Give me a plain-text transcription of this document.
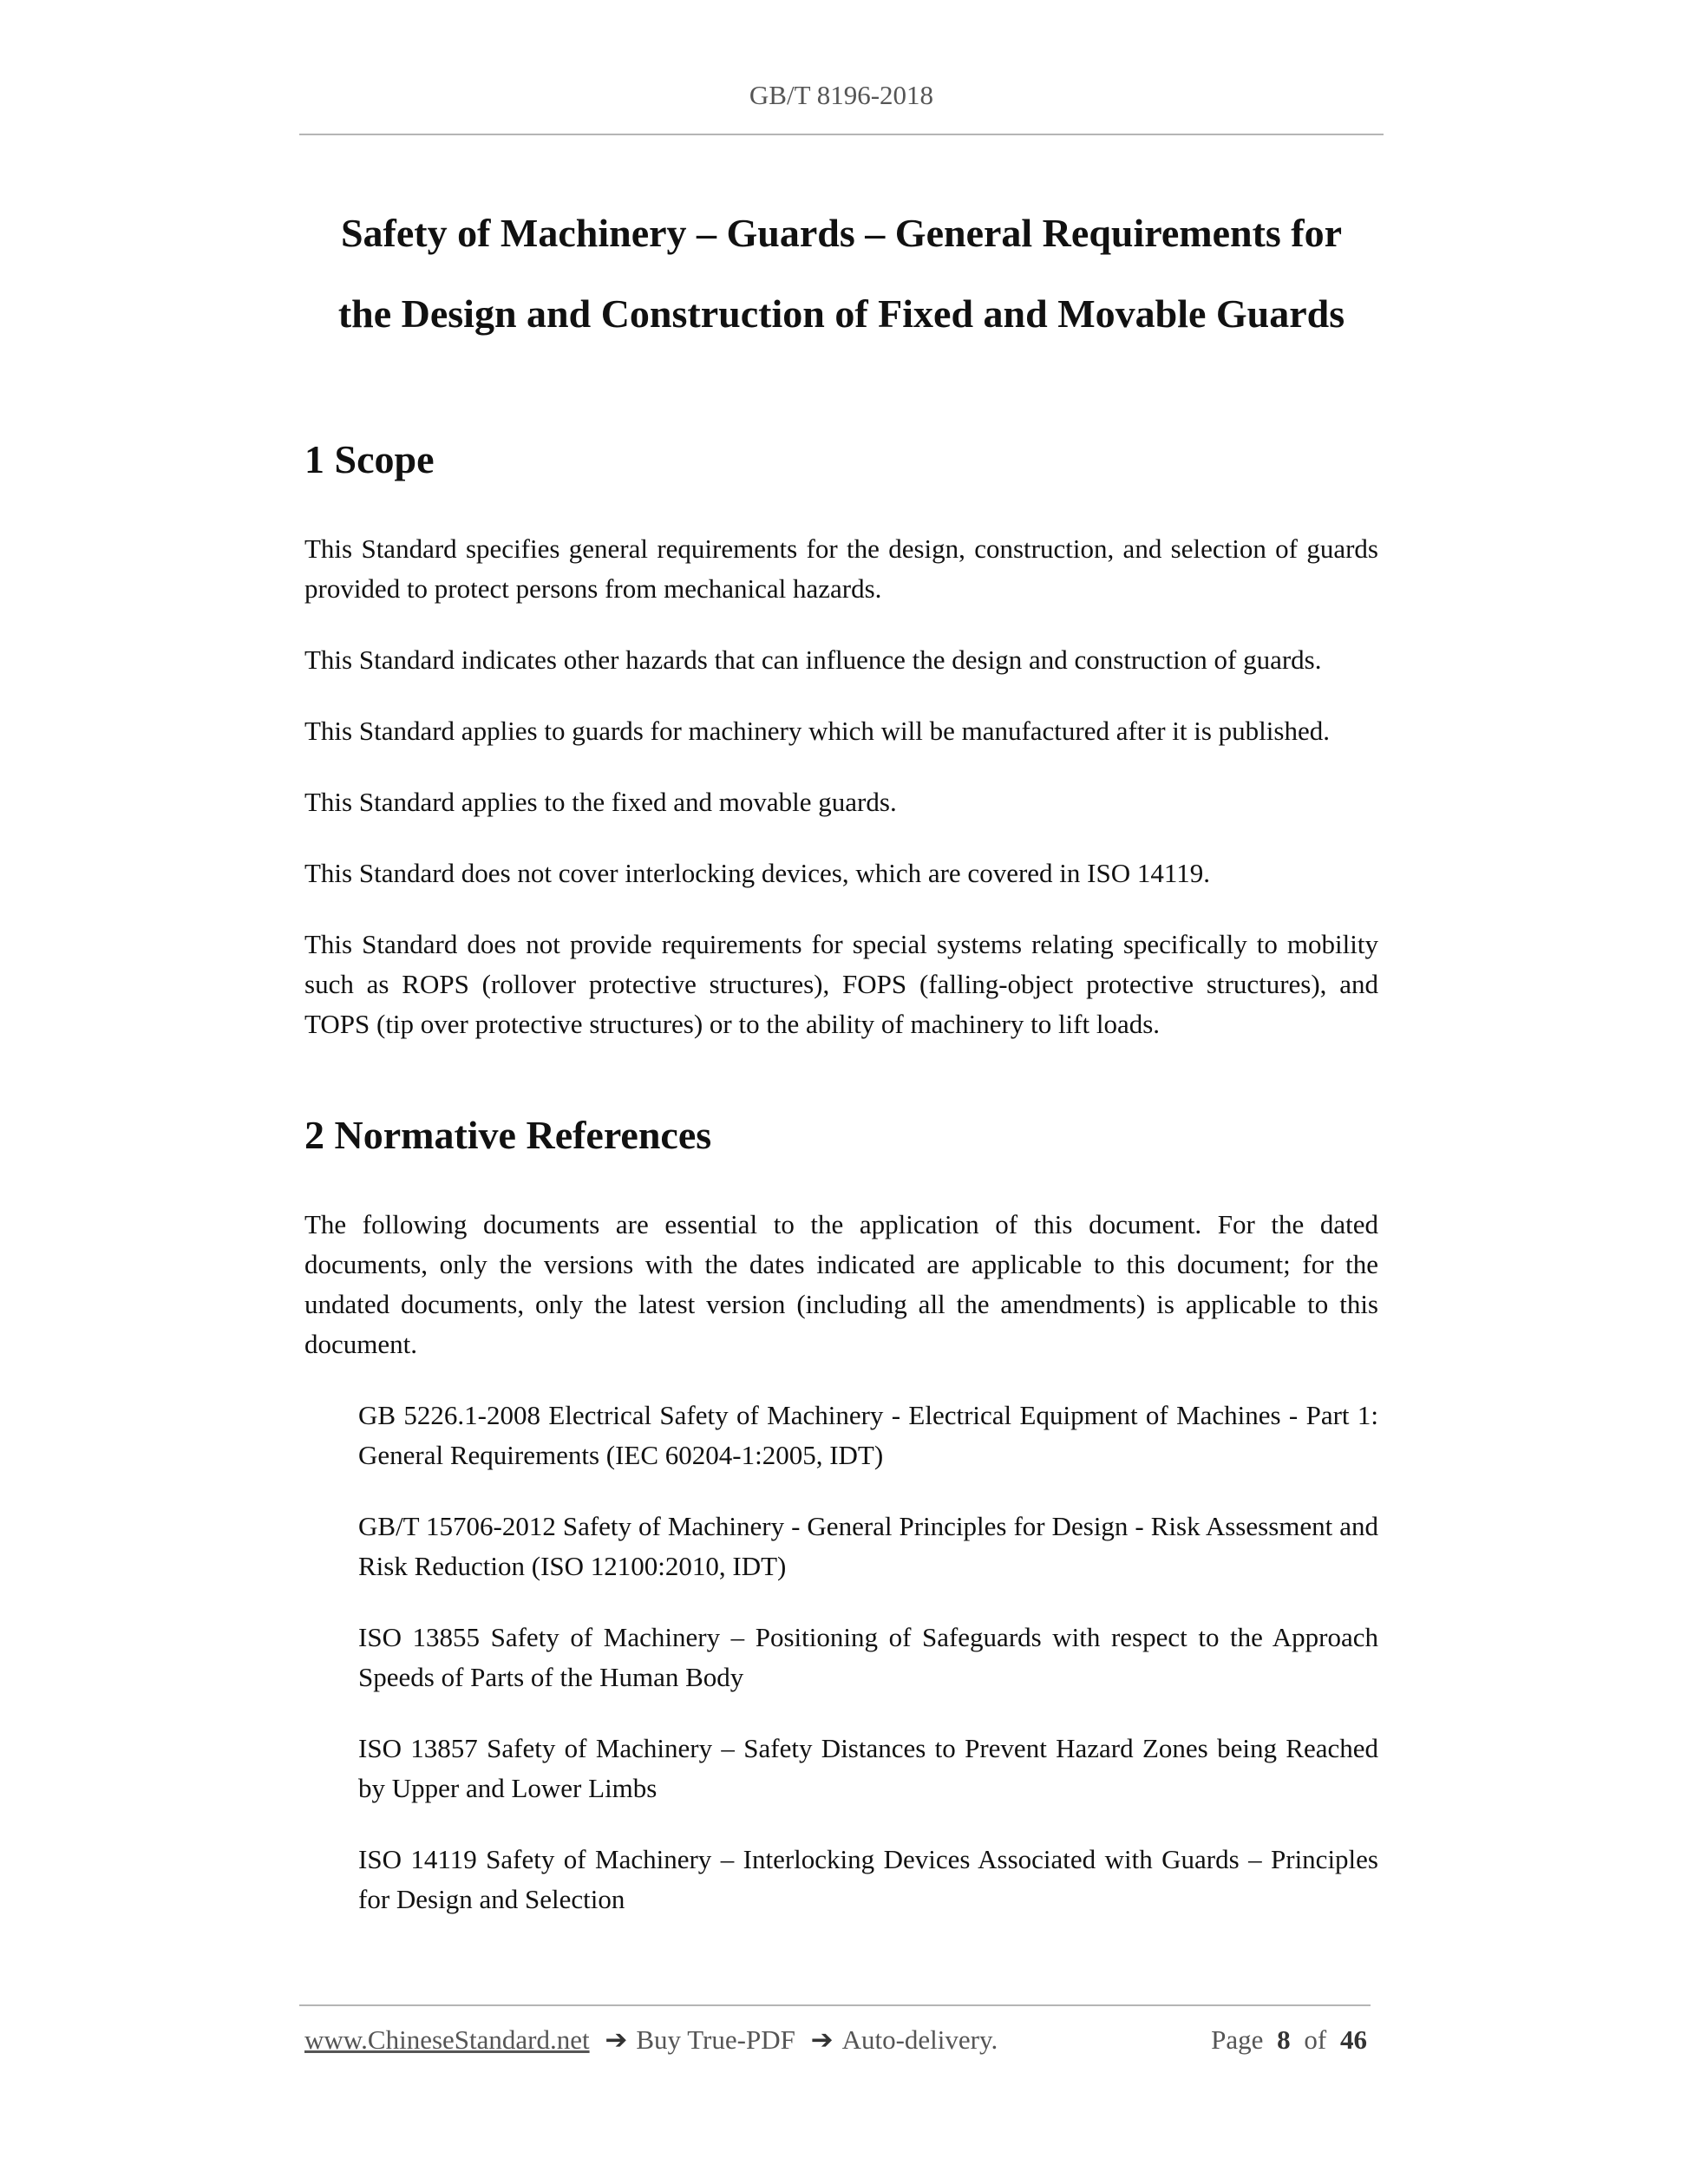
GB/T 8196-2018
Safety of Machinery – Guards – General Requirements for
the Design and Construction of Fixed and Movable Guards
1 Scope

This Standard specifies general requirements for the design, construction, and selection of guards provided to protect persons from mechanical hazards.

This Standard indicates other hazards that can influence the design and construction of guards.

This Standard applies to guards for machinery which will be manufactured after it is published.

This Standard applies to the fixed and movable guards.

This Standard does not cover interlocking devices, which are covered in ISO 14119.

This Standard does not provide requirements for special systems relating specifically to mobility such as ROPS (rollover protective structures), FOPS (falling-object protective structures), and TOPS (tip over protective structures) or to the ability of machinery to lift loads.

2 Normative References

The following documents are essential to the application of this document. For the dated documents, only the versions with the dates indicated are applicable to this document; for the undated documents, only the latest version (including all the amendments) is applicable to this document.

GB 5226.1-2008 Electrical Safety of Machinery - Electrical Equipment of Machines - Part 1: General Requirements (IEC 60204-1:2005, IDT)
GB/T 15706-2012 Safety of Machinery - General Principles for Design - Risk Assessment and Risk Reduction (ISO 12100:2010, IDT)
ISO 13855 Safety of Machinery – Positioning of Safeguards with respect to the Approach Speeds of Parts of the Human Body
ISO 13857 Safety of Machinery – Safety Distances to Prevent Hazard Zones being Reached by Upper and Lower Limbs
ISO 14119 Safety of Machinery – Interlocking Devices Associated with Guards – Principles for Design and Selection
www.ChineseStandard.net ➔ Buy True-PDF ➔ Auto-delivery.	Page 8 of 46
